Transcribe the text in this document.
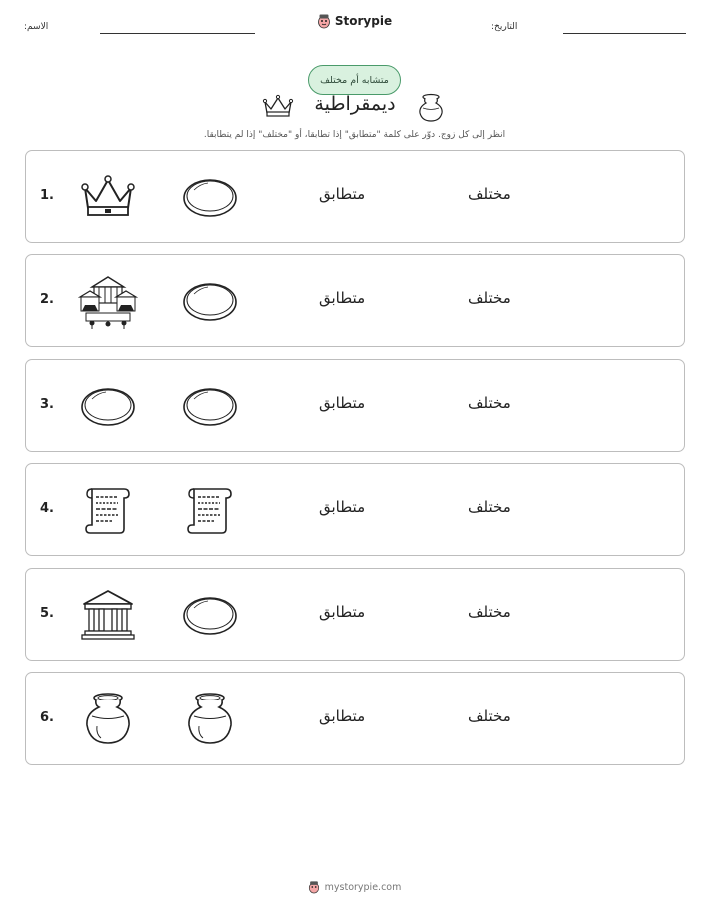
الاسم:	Storypie	التاريخ:
متشابه أم مختلف
ديمقراطية
انظر إلى كل زوج. دوّر على كلمة "متطابق" إذا تطابقا، أو "مختلف" إذا لم يتطابقا.
1.	متطابق	مختلف
2.	متطابق	مختلف
3.	متطابق	مختلف
4.	متطابق	مختلف
5.	متطابق	مختلف
6.	متطابق	مختلف
mystorypie.com
